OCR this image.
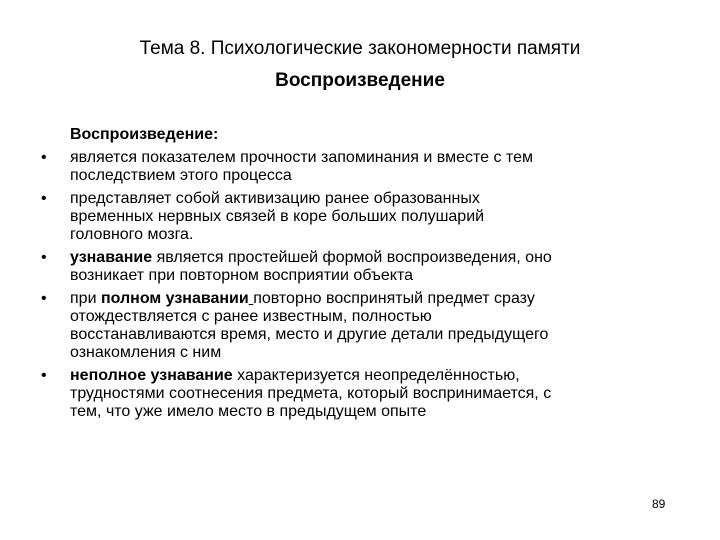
Тема 8. Психологические закономерности памяти
Воспроизведение
Воспроизведение:
• является показателем прочности запоминания и вместе с тем
последствием этого процесса
• представляет собой активизацию ранее образованных
временных нервных связей в коре больших полушарий
головного мозга.
• узнавание является простейшей формой воспроизведения, оно
возникает при повторном восприятии объекта
• при полном узнавании повторно воспринятый предмет сразу
отождествляется с ранее известным, полностью
восстанавливаются время, место и другие детали предыдущего
ознакомления с ним
• неполное узнавание характеризуется неопределённостью,
трудностями соотнесения предмета, который воспринимается, с
тем, что уже имело место в предыдущем опыте
89
